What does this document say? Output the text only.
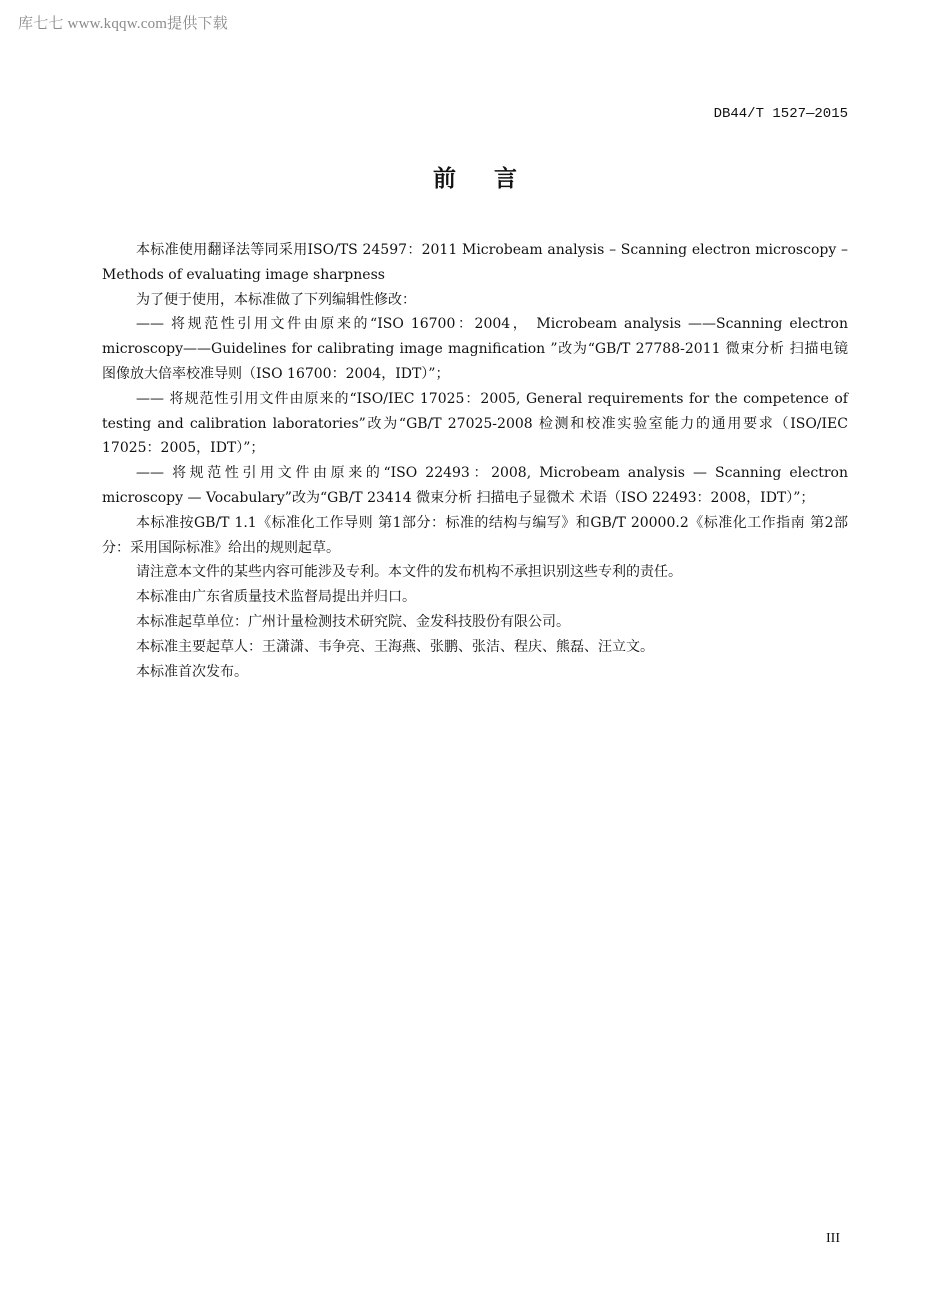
库七七 www.kqqw.com提供下载
DB44/T 1527—2015
前言

本标准使用翻译法等同采用ISO/TS 24597：2011 Microbeam analysis – Scanning electron microscopy – Methods of evaluating image sharpness

为了便于使用，本标准做了下列编辑性修改：

—— 将规范性引用文件由原来的“ISO 16700：2004， Microbeam analysis ——Scanning electron microscopy——Guidelines for calibrating image magnification ”改为“GB/T 27788-2011 微束分析 扫描电镜图像放大倍率校准导则（ISO 16700：2004，IDT）”；

—— 将规范性引用文件由原来的“ISO/IEC 17025：2005, General requirements for the competence of testing and calibration laboratories”改为“GB/T 27025-2008 检测和校准实验室能力的通用要求（ISO/IEC 17025：2005，IDT）”；

—— 将规范性引用文件由原来的“ISO 22493：2008, Microbeam analysis — Scanning electron microscopy — Vocabulary”改为“GB/T 23414 微束分析 扫描电子显微术 术语（ISO 22493：2008，IDT）”；

本标准按GB/T 1.1《标准化工作导则 第1部分：标准的结构与编写》和GB/T 20000.2《标准化工作指南 第2部分：采用国际标准》给出的规则起草。

请注意本文件的某些内容可能涉及专利。本文件的发布机构不承担识别这些专利的责任。

本标准由广东省质量技术监督局提出并归口。

本标准起草单位：广州计量检测技术研究院、金发科技股份有限公司。

本标准主要起草人：王潇潇、韦争亮、王海燕、张鹏、张洁、程庆、熊磊、汪立文。

本标准首次发布。

III
